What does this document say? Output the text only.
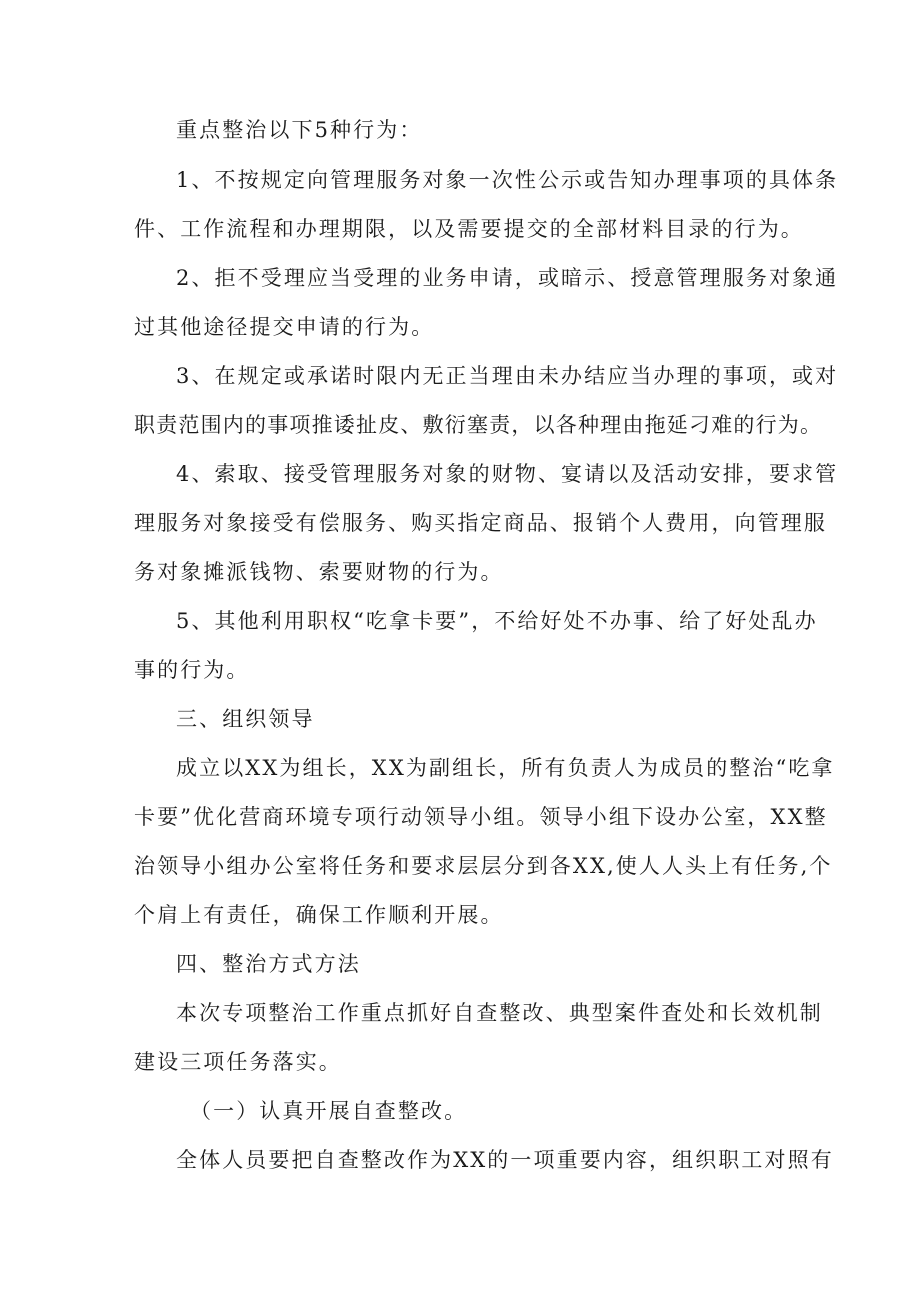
重点整治以下5种行为：
1、不按规定向管理服务对象一次性公示或告知办理事项的具体条
件、工作流程和办理期限，以及需要提交的全部材料目录的行为。
2、拒不受理应当受理的业务申请，或暗示、授意管理服务对象通
过其他途径提交申请的行为。
3、在规定或承诺时限内无正当理由未办结应当办理的事项，或对
职责范围内的事项推诿扯皮、敷衍塞责，以各种理由拖延刁难的行为。
4、索取、接受管理服务对象的财物、宴请以及活动安排，要求管
理服务对象接受有偿服务、购买指定商品、报销个人费用，向管理服
务对象摊派钱物、索要财物的行为。
5、其他利用职权“吃拿卡要”，不给好处不办事、给了好处乱办
事的行为。
三、组织领导
成立以XX为组长，XX为副组长，所有负责人为成员的整治“吃拿
卡要”优化营商环境专项行动领导小组。领导小组下设办公室，XX整
治领导小组办公室将任务和要求层层分到各XX,使人人头上有任务,个
个肩上有责任，确保工作顺利开展。
四、整治方式方法
本次专项整治工作重点抓好自查整改、典型案件査处和长效机制
建设三项任务落实。
（一）认真开展自查整改。
全体人员要把自查整改作为XX的一项重要内容，组织职工对照有
